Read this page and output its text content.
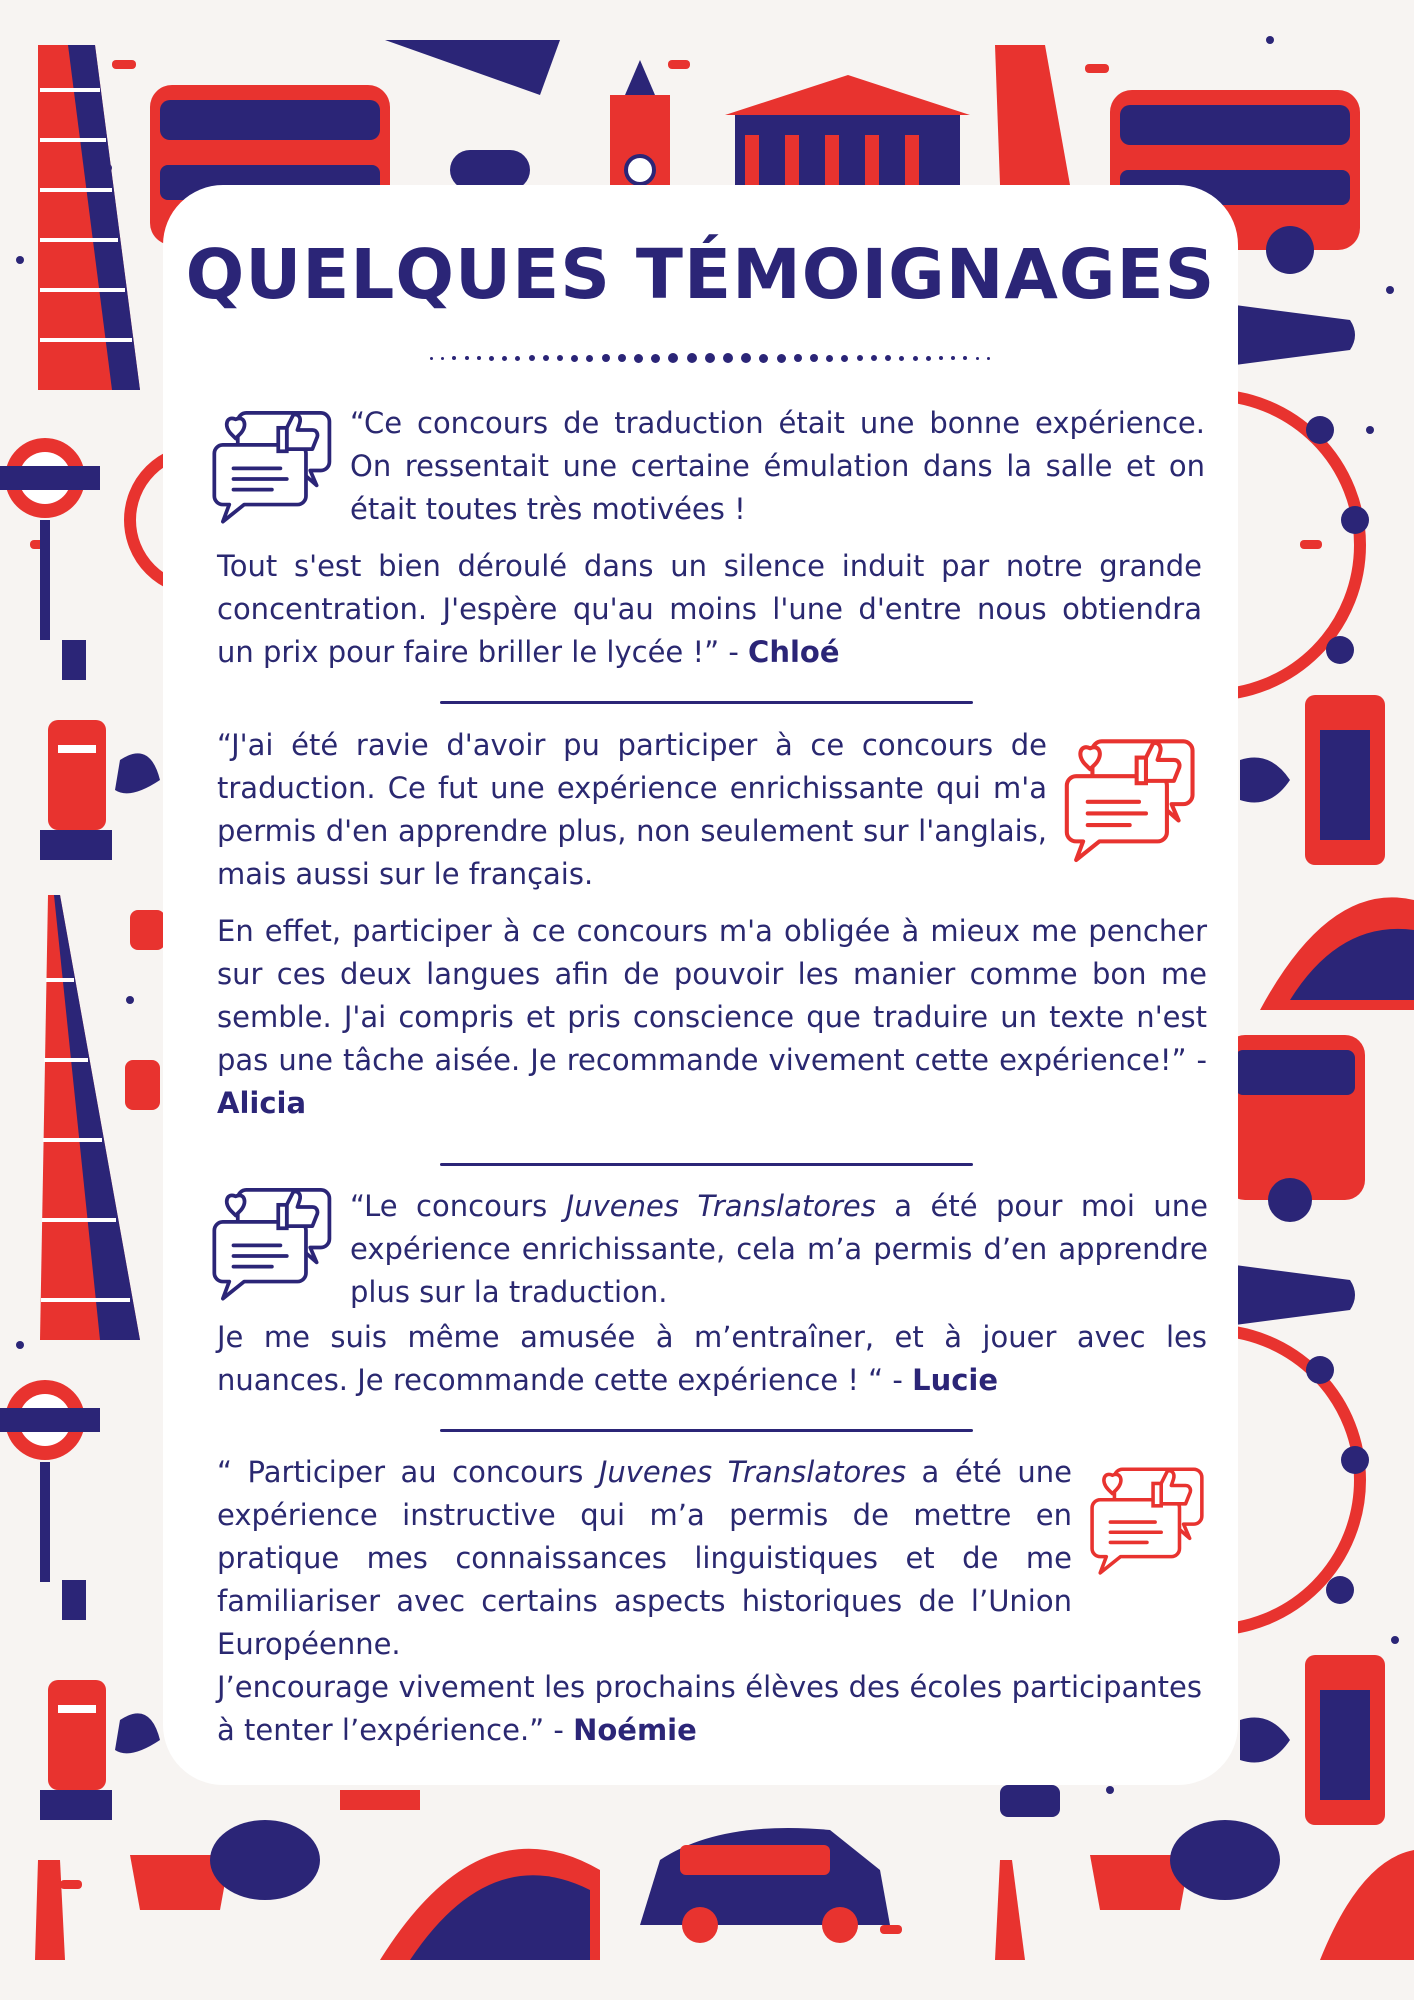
QUELQUES TÉMOIGNAGES

“Ce concours de traduction était une bonne expérience. On ressentait une certaine émulation dans la salle et on était toutes très motivées !

Tout s'est bien déroulé dans un silence induit par notre grande concentration. J'espère qu'au moins l'une d'entre nous obtiendra un prix pour faire briller le lycée !” - Chloé

“J'ai été ravie d'avoir pu participer à ce concours de traduction. Ce fut une expérience enrichissante qui m'a permis d'en apprendre plus, non seulement sur l'anglais, mais aussi sur le français.

En effet, participer à ce concours m'a obligée à mieux me pencher sur ces deux langues afin de pouvoir les manier comme bon me semble. J'ai compris et pris conscience que traduire un texte n'est pas une tâche aisée. Je recommande vivement cette expérience!” - Alicia

“Le concours Juvenes Translatores a été pour moi une expérience enrichissante, cela m’a permis d’en apprendre plus sur la traduction.

Je me suis même amusée à m’entraîner, et à jouer avec les nuances. Je recommande cette expérience ! “ - Lucie

“ Participer au concours Juvenes Translatores a été une expérience instructive qui m’a permis de mettre en pratique mes connaissances linguistiques et de me familiariser avec certains aspects historiques de l’Union Européenne.

J’encourage vivement les prochains élèves des écoles participantes à tenter l’expérience.” - Noémie
